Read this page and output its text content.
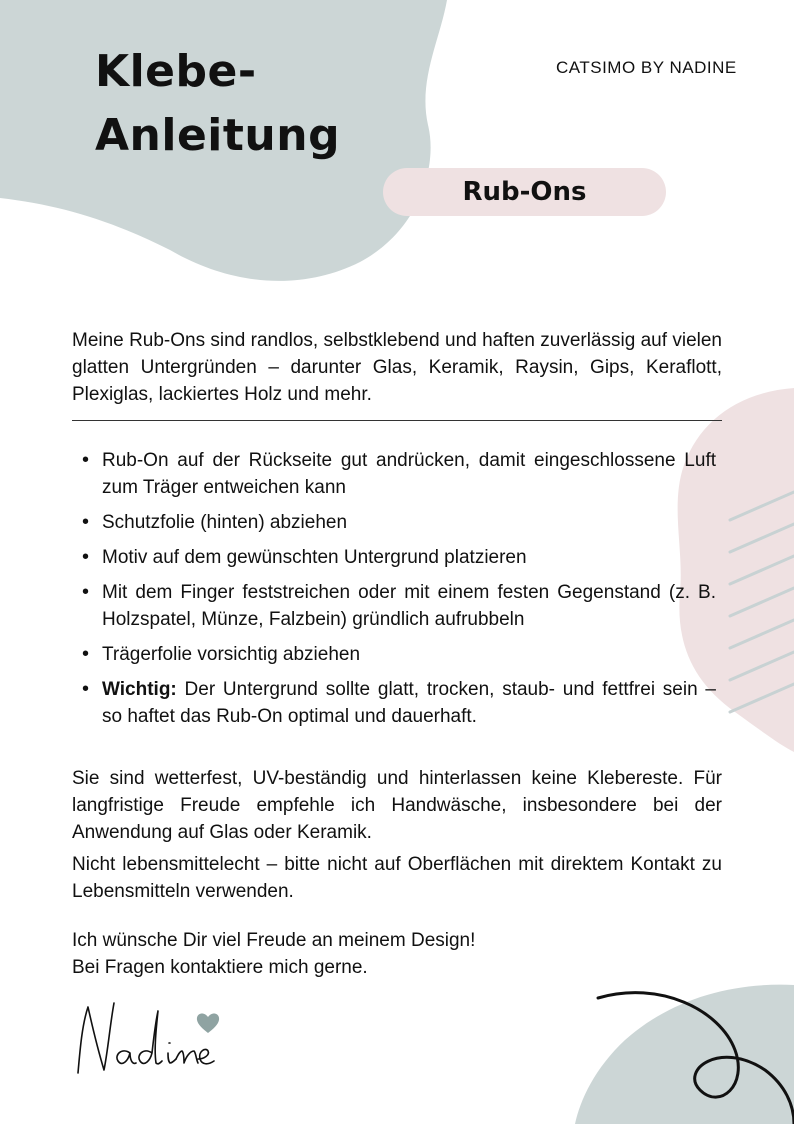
Klebe-
Anleitung
CATSIMO BY NADINE
Rub-Ons
Meine Rub-Ons sind randlos, selbstklebend und haften zuverlässig auf vielen glatten Untergründen – darunter Glas, Keramik, Raysin, Gips, Keraflott, Plexiglas, lackiertes Holz und mehr.
• Rub-On auf der Rückseite gut andrücken, damit eingeschlossene Luft zum Träger entweichen kann
• Schutzfolie (hinten) abziehen
• Motiv auf dem gewünschten Untergrund platzieren
• Mit dem Finger feststreichen oder mit einem festen Gegenstand (z. B. Holzspatel, Münze, Falzbein) gründlich aufrubbeln
• Trägerfolie vorsichtig abziehen
• Wichtig: Der Untergrund sollte glatt, trocken, staub- und fettfrei sein – so haftet das Rub-On optimal und dauerhaft.
Sie sind wetterfest, UV-beständig und hinterlassen keine Klebereste. Für langfristige Freude empfehle ich Handwäsche, insbesondere bei der Anwendung auf Glas oder Keramik.
Nicht lebensmittelecht – bitte nicht auf Oberflächen mit direktem Kontakt zu Lebensmitteln verwenden.
Ich wünsche Dir viel Freude an meinem Design!
Bei Fragen kontaktiere mich gerne.
